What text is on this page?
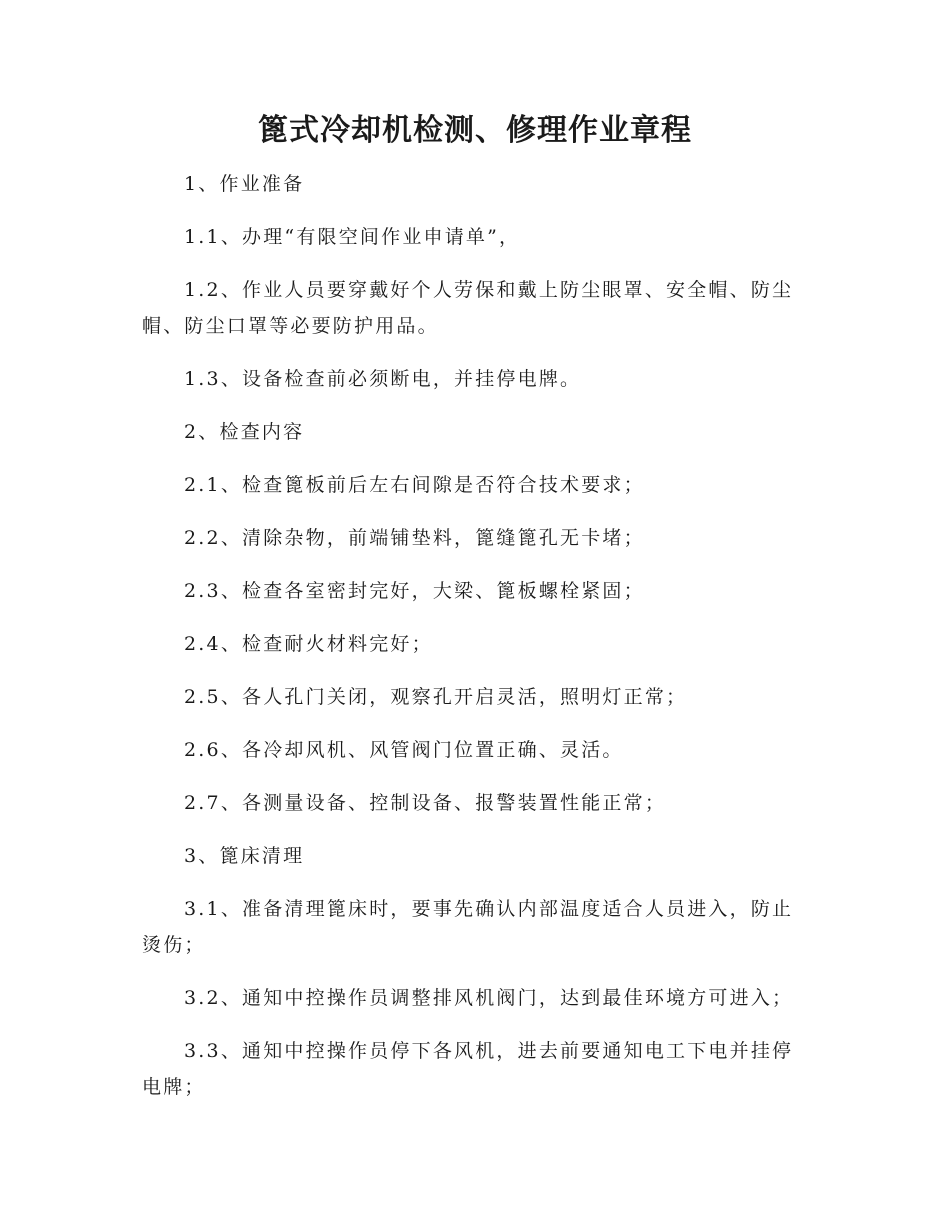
篦式冷却机检测、修理作业章程

1、作业准备

1.1、办理“有限空间作业申请单”，

1.2、作业人员要穿戴好个人劳保和戴上防尘眼罩、安全帽、防尘帽、防尘口罩等必要防护用品。

1.3、设备检查前必须断电，并挂停电牌。

2、检查内容

2.1、检查篦板前后左右间隙是否符合技术要求；

2.2、清除杂物，前端铺垫料，篦缝篦孔无卡堵；

2.3、检查各室密封完好，大梁、篦板螺栓紧固；

2.4、检查耐火材料完好；

2.5、各人孔门关闭，观察孔开启灵活，照明灯正常；

2.6、各冷却风机、风管阀门位置正确、灵活。

2.7、各测量设备、控制设备、报警装置性能正常；

3、篦床清理

3.1、准备清理篦床时，要事先确认内部温度适合人员进入，防止烫伤；

3.2、通知中控操作员调整排风机阀门，达到最佳环境方可进入；

3.3、通知中控操作员停下各风机，进去前要通知电工下电并挂停电牌；
